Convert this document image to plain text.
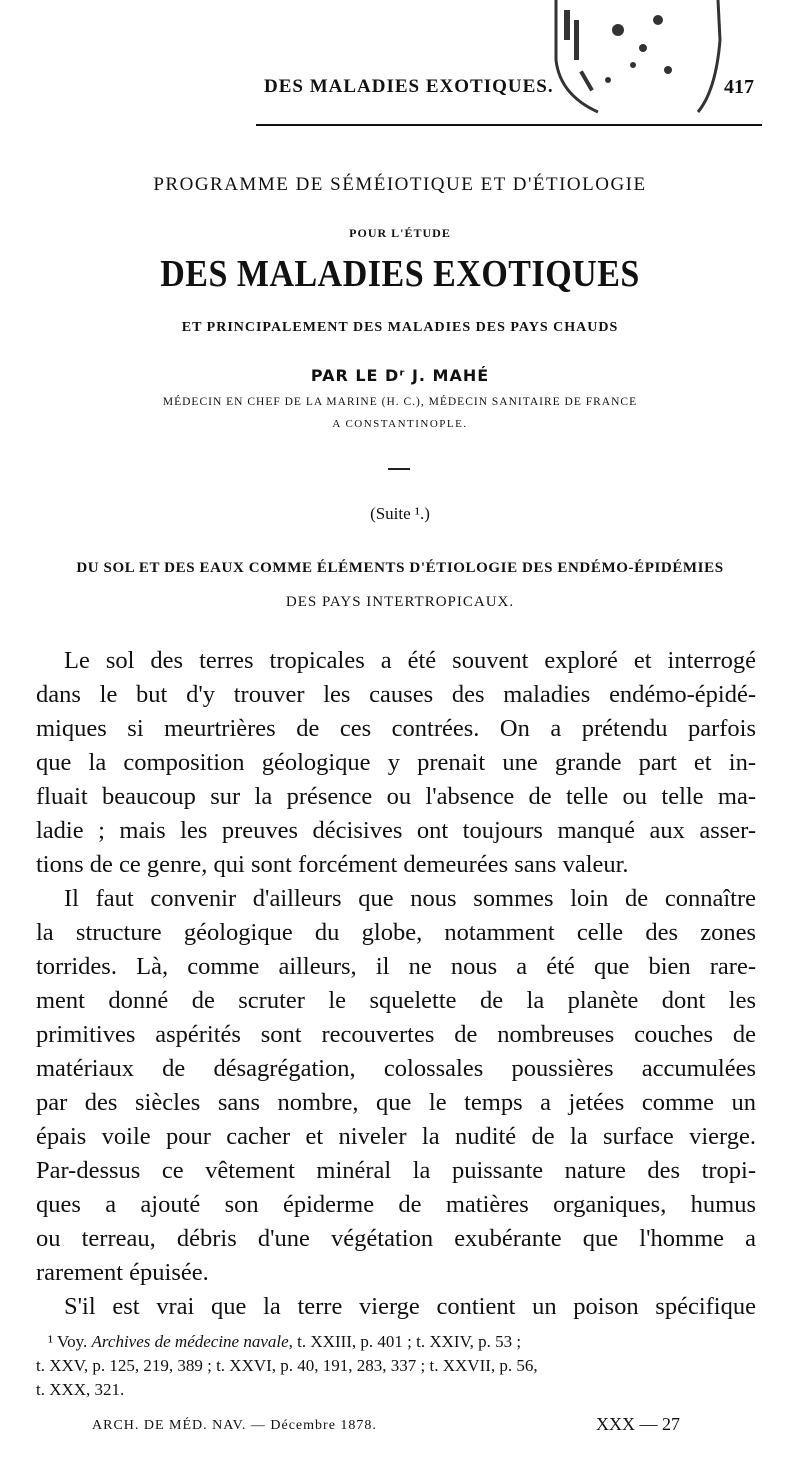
DES MALADIES EXOTIQUES.	417
PROGRAMME DE SÉMÉIOTIQUE ET D'ÉTIOLOGIE
POUR L'ÉTUDE
DES MALADIES EXOTIQUES
ET PRINCIPALEMENT DES MALADIES DES PAYS CHAUDS
PAR LE Dʳ J. MAHÉ
MÉDECIN EN CHEF DE LA MARINE (H. C.), MÉDECIN SANITAIRE DE FRANCE
A CONSTANTINOPLE.
(Suite ¹.)
DU SOL ET DES EAUX COMME ÉLÉMENTS D'ÉTIOLOGIE DES ENDÉMO-ÉPIDÉMIES
DES PAYS INTERTROPICAUX.
Le sol des terres tropicales a été souvent exploré et interrogé
dans le but d'y trouver les causes des maladies endémo-épidé-
miques si meurtrières de ces contrées. On a prétendu parfois
que la composition géologique y prenait une grande part et in-
fluait beaucoup sur la présence ou l'absence de telle ou telle ma-
ladie ; mais les preuves décisives ont toujours manqué aux asser-
tions de ce genre, qui sont forcément demeurées sans valeur.
Il faut convenir d'ailleurs que nous sommes loin de connaître
la structure géologique du globe, notamment celle des zones
torrides. Là, comme ailleurs, il ne nous a été que bien rare-
ment donné de scruter le squelette de la planète dont les
primitives aspérités sont recouvertes de nombreuses couches de
matériaux de désagrégation, colossales poussières accumulées
par des siècles sans nombre, que le temps a jetées comme un
épais voile pour cacher et niveler la nudité de la surface vierge.
Par-dessus ce vêtement minéral la puissante nature des tropi-
ques a ajouté son épiderme de matières organiques, humus
ou terreau, débris d'une végétation exubérante que l'homme a
rarement épuisée.
S'il est vrai que la terre vierge contient un poison spécifique
¹ Voy. Archives de médecine navale, t. XXIII, p. 401 ; t. XXIV, p. 53 ;
t. XXV, p. 125, 219, 389 ; t. XXVI, p. 40, 191, 283, 337 ; t. XXVII, p. 56,
t. XXX, 321.
ARCH. DE MÉD. NAV. — Décembre 1878.	XXX — 27
